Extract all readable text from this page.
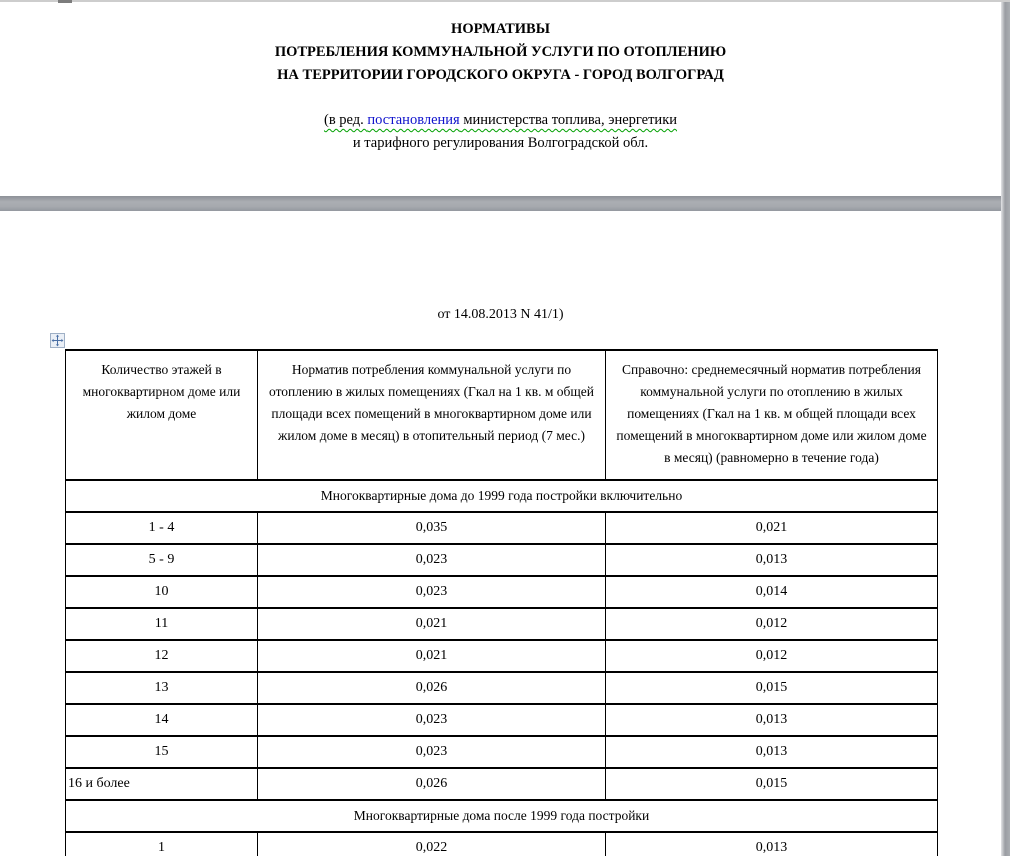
НОРМАТИВЫ
ПОТРЕБЛЕНИЯ КОММУНАЛЬНОЙ УСЛУГИ ПО ОТОПЛЕНИЮ
НА ТЕРРИТОРИИ ГОРОДСКОГО ОКРУГА - ГОРОД ВОЛГОГРАД
(в ред. постановления министерства топлива, энергетики
и тарифного регулирования Волгоградской обл.
от 14.08.2013 N 41/1)
Количество этажей в многоквартирном доме или жилом доме	Норматив потребления коммунальной услуги по отоплению в жилых помещениях (Гкал на 1 кв. м общей площади всех помещений в многоквартирном доме или жилом доме в месяц) в отопительный период (7 мес.)	Справочно: среднемесячный норматив потребления коммунальной услуги по отоплению в жилых помещениях (Гкал на 1 кв. м общей площади всех помещений в многоквартирном доме или жилом доме в месяц) (равномерно в течение года)
Многоквартирные дома до 1999 года постройки включительно		
1 - 4	0,035	0,021
5 - 9	0,023	0,013
10	0,023	0,014
11	0,021	0,012
12	0,021	0,012
13	0,026	0,015
14	0,023	0,013
15	0,023	0,013
16 и более	0,026	0,015
Многоквартирные дома после 1999 года постройки		
1	0,022	0,013
